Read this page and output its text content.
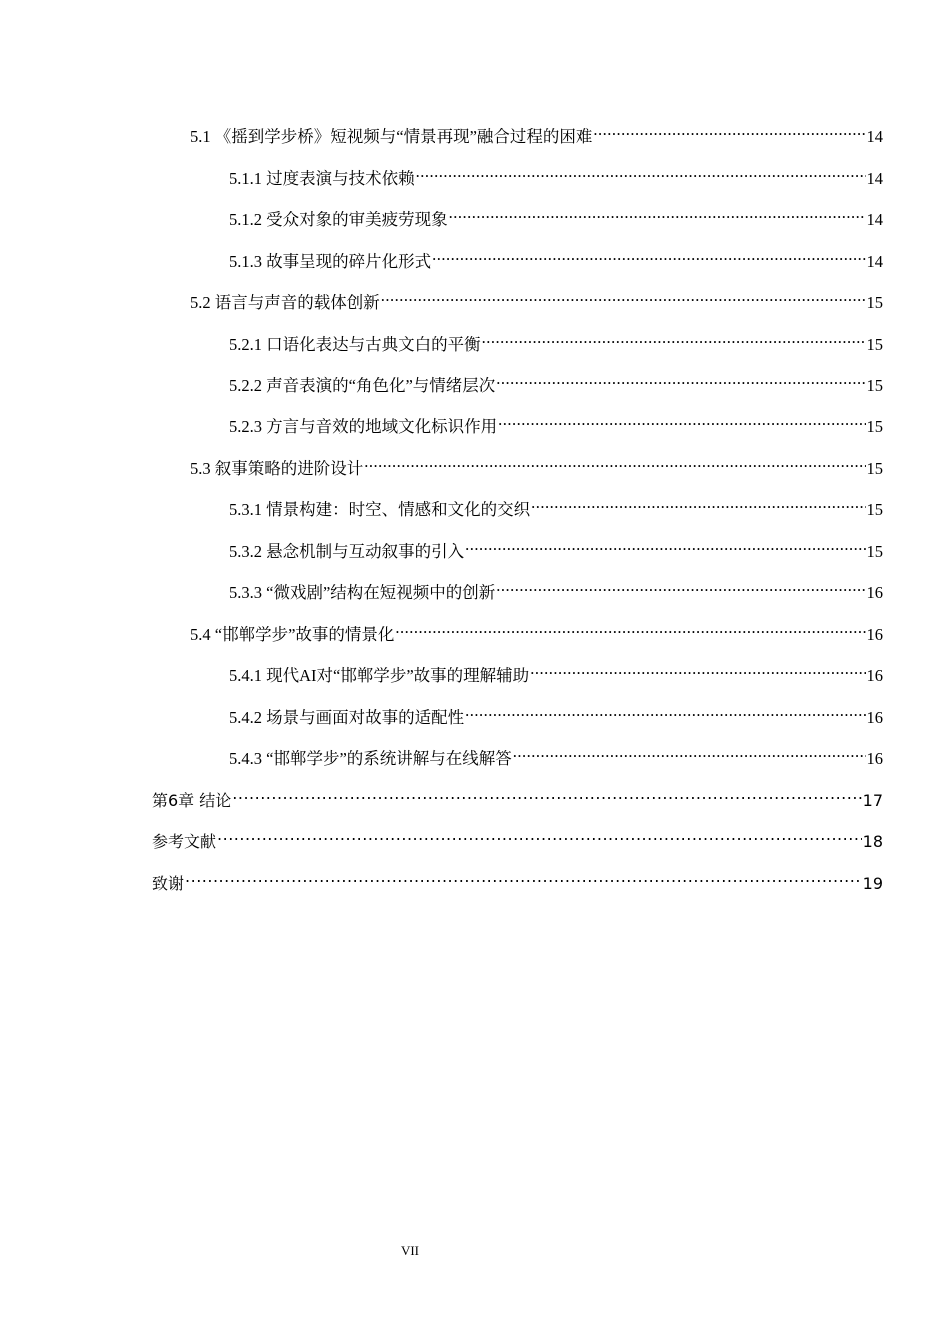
5.1 《摇到学步桥》短视频与“情景再现”融合过程的困难 .....	14
5.1.1 过度表演与技术依赖 .....	14
5.1.2 受众对象的审美疲劳现象 .....	14
5.1.3 故事呈现的碎片化形式 .....	14
5.2 语言与声音的载体创新 .....	15
5.2.1 口语化表达与古典文白的平衡 .....	15
5.2.2 声音表演的“角色化”与情绪层次 .....	15
5.2.3 方言与音效的地域文化标识作用 .....	15
5.3 叙事策略的进阶设计 .....	15
5.3.1 情景构建：时空、情感和文化的交织 .....	15
5.3.2 悬念机制与互动叙事的引入 .....	15
5.3.3 “微戏剧”结构在短视频中的创新 .....	16
5.4 “邯郸学步”故事的情景化 .....	16
5.4.1 现代AI对“邯郸学步”故事的理解辅助 .....	16
5.4.2 场景与画面对故事的适配性 .....	16
5.4.3 “邯郸学步”的系统讲解与在线解答 .....	16
第6章 结论 .....	17
参考文献 .....	18
致谢 .....	19
VII
